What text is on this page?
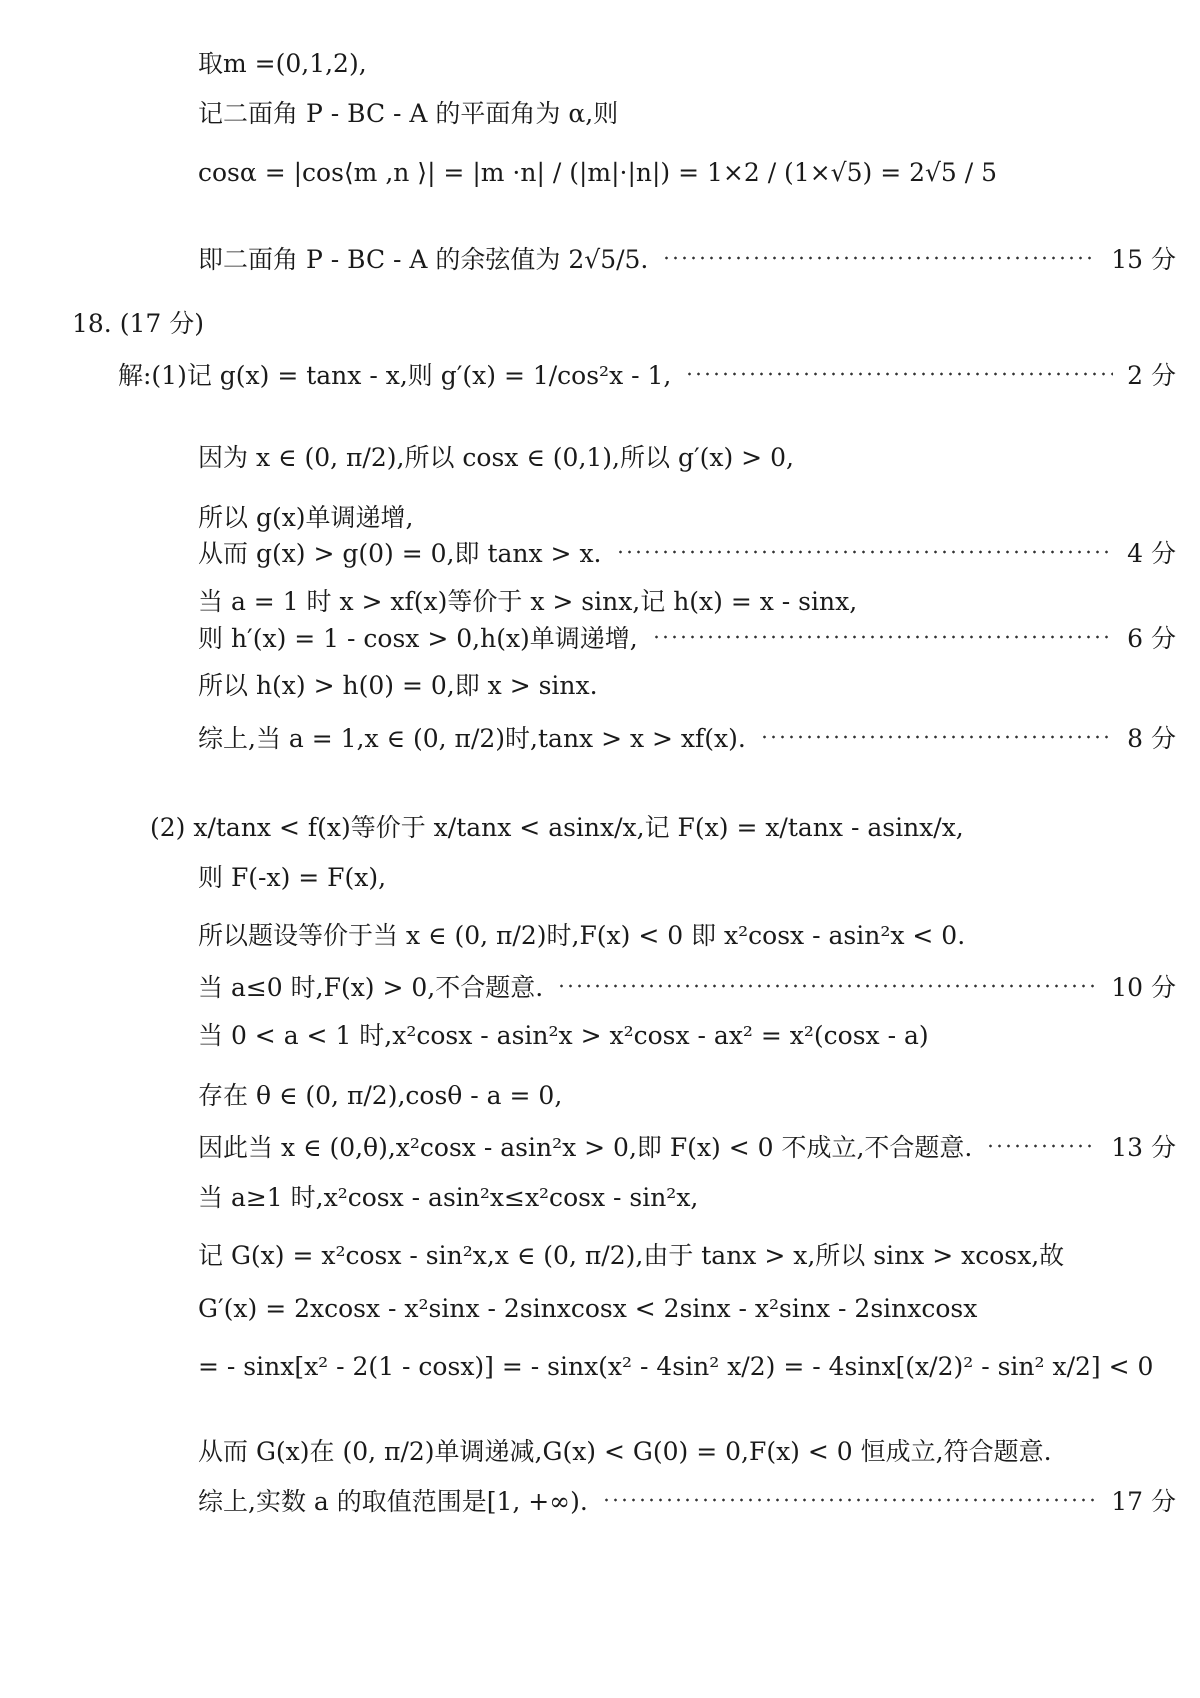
取m =(0,1,2),
记二面角 P - BC - A 的平面角为 α,则
cosα = |cos⟨m ,n ⟩| = |m ·n| / (|m|·|n|) = 1×2 / (1×√5) = 2√5 / 5
即二面角 P - BC - A 的余弦值为 2√5/5.	15 分
18. (17 分)
解:(1)记 g(x) = tanx - x,则 g′(x) = 1/cos²x - 1,	2 分
因为 x ∈ (0, π/2),所以 cosx ∈ (0,1),所以 g′(x) > 0,
所以 g(x)单调递增,
从而 g(x) > g(0) = 0,即 tanx > x.	4 分
当 a = 1 时 x > xf(x)等价于 x > sinx,记 h(x) = x - sinx,
则 h′(x) = 1 - cosx > 0,h(x)单调递增,	6 分
所以 h(x) > h(0) = 0,即 x > sinx.
综上,当 a = 1,x ∈ (0, π/2)时,tanx > x > xf(x).	8 分
(2) x/tanx < f(x)等价于 x/tanx < asinx/x,记 F(x) = x/tanx - asinx/x,
则 F(-x) = F(x),
所以题设等价于当 x ∈ (0, π/2)时,F(x) < 0 即 x²cosx - asin²x < 0.
当 a≤0 时,F(x) > 0,不合题意.	10 分
当 0 < a < 1 时,x²cosx - asin²x > x²cosx - ax² = x²(cosx - a)
存在 θ ∈ (0, π/2),cosθ - a = 0,
因此当 x ∈ (0,θ),x²cosx - asin²x > 0,即 F(x) < 0 不成立,不合题意.	13 分
当 a≥1 时,x²cosx - asin²x≤x²cosx - sin²x,
记 G(x) = x²cosx - sin²x,x ∈ (0, π/2),由于 tanx > x,所以 sinx > xcosx,故
G′(x) = 2xcosx - x²sinx - 2sinxcosx < 2sinx - x²sinx - 2sinxcosx
= - sinx[x² - 2(1 - cosx)] = - sinx(x² - 4sin² x/2) = - 4sinx[(x/2)² - sin² x/2] < 0
从而 G(x)在 (0, π/2)单调递减,G(x) < G(0) = 0,F(x) < 0 恒成立,符合题意.
综上,实数 a 的取值范围是[1, +∞).	17 分
